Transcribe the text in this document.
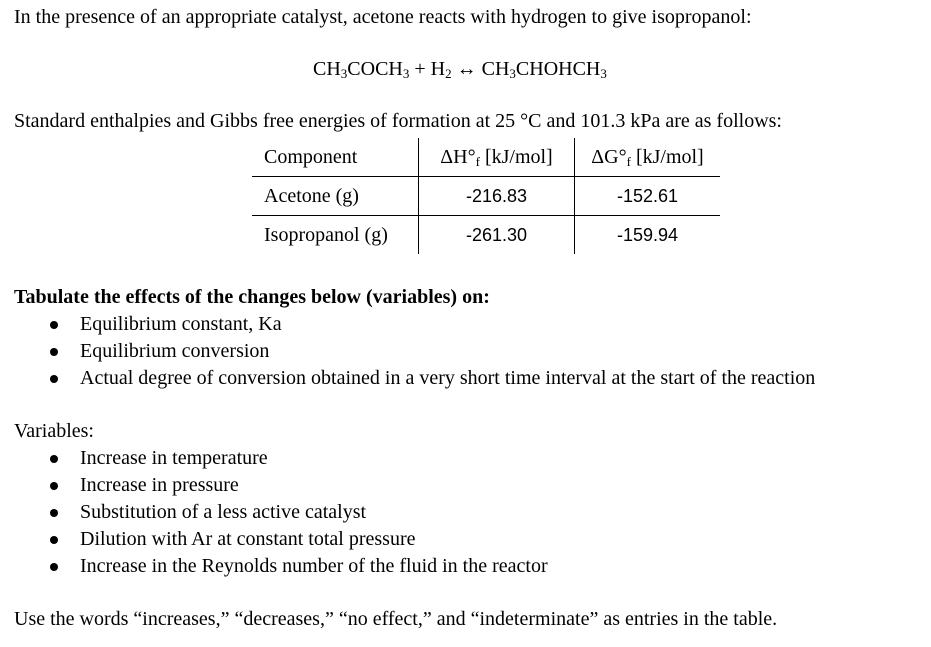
In the presence of an appropriate catalyst, acetone reacts with hydrogen to give isopropanol:
$CH_3COCH_3 + H_2$ ↔ $CH_3CHOHCH_3$
Standard enthalpies and Gibbs free energies of formation at 25 °C and 101.3 kPa are as follows:
Component	$\Delta H^\circ_f$ [kJ/mol]	$\Delta G^\circ_f$ [kJ/mol]
Acetone (g)	-216.83	-152.61
Isopropanol (g)	-261.30	-159.94
Tabulate the effects of the changes below (variables) on:
Equilibrium constant, Ka
Equilibrium conversion
Actual degree of conversion obtained in a very short time interval at the start of the reaction
Variables:
Increase in temperature
Increase in pressure
Substitution of a less active catalyst
Dilution with Ar at constant total pressure
Increase in the Reynolds number of the fluid in the reactor
Use the words “increases,” “decreases,” “no effect,” and “indeterminate” as entries in the table.
